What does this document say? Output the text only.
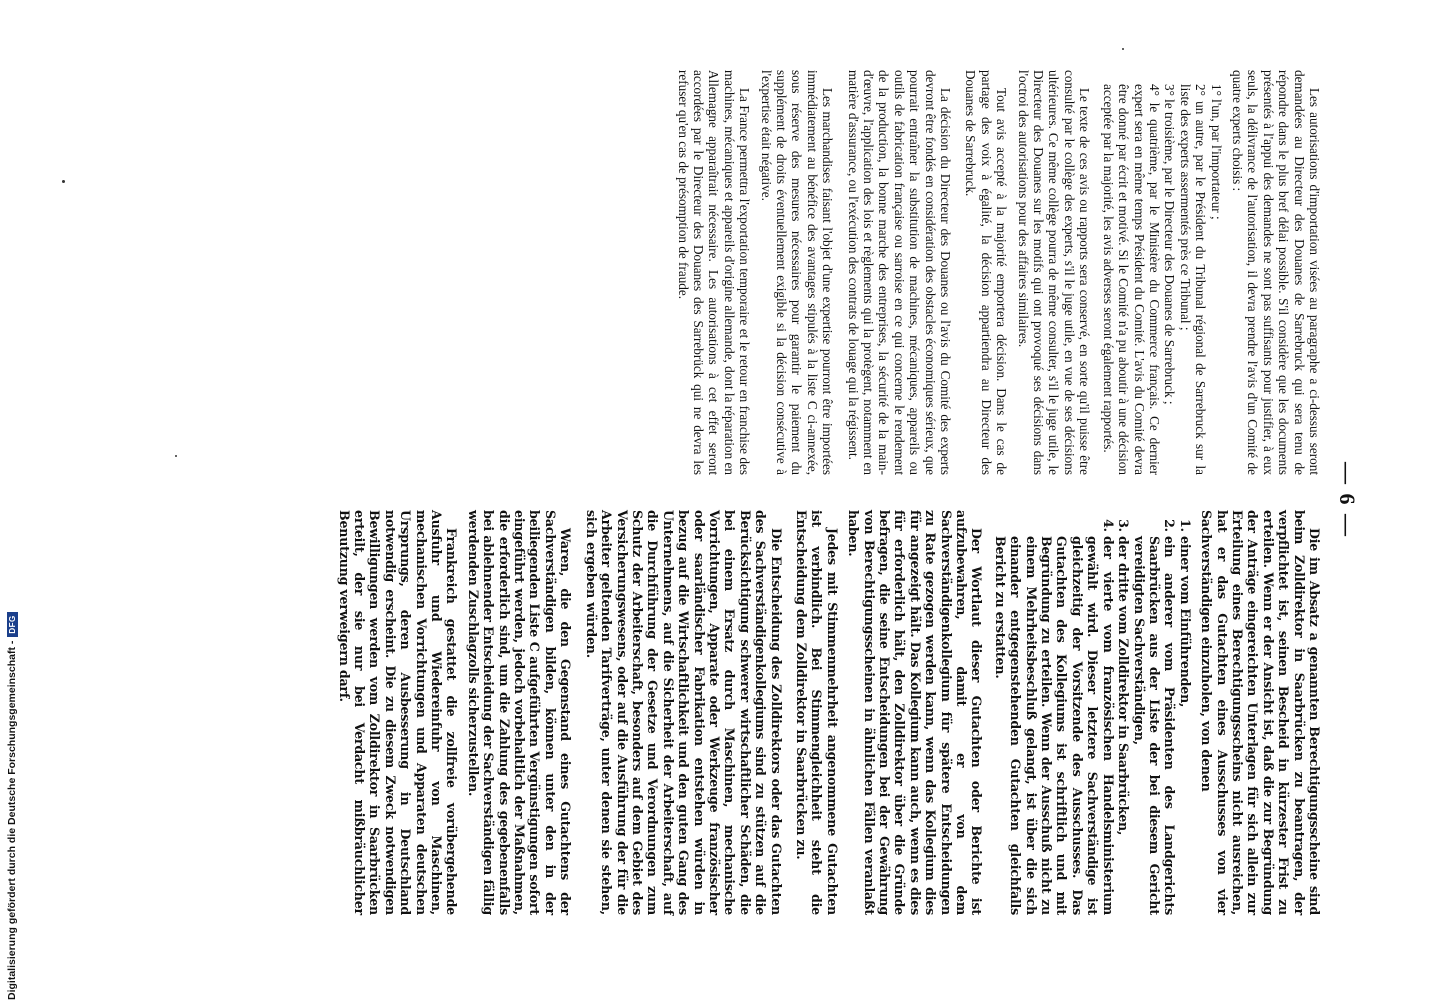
— 6 —

Les autorisations d'importation visées au paragraphe a ci-dessus seront demandées au Directeur des Douanes de Sarrebruck qui sera tenu de répondre dans le plus bref délai possible. S'il considère que les documents présentés à l'appui des demandes ne sont pas suffisants pour justifier, à eux seuls, la délivrance de l'autorisation, il devra prendre l'avis d'un Comité de quatre experts choisis :

1° l'un, par l'importateur ;
2° un autre, par le Président du Tribunal régional de Sarrebruck sur la liste des experts assermentés près ce Tribunal ;
3° le troisième, par le Directeur des Douanes de Sarrebruck ;
4° le quatrième, par le Ministère du Commerce français. Ce dernier expert sera en même temps Président du Comité. L'avis du Comité devra être donné par écrit et motivé. Si le Comité n'a pu aboutir à une décision acceptée par la majorité, les avis adverses seront également rapportés.

Le texte de ces avis ou rapports sera conservé, en sorte qu'il puisse être consulté par le collège des experts, s'il le juge utile, en vue de ses décisions ultérieures. Ce même collège pourra de même consulter, s'il le juge utile, le Directeur des Douanes sur les motifs qui ont provoqué ses décisions dans l'octroi des autorisations pour des affaires similaires.

Tout avis accepté à la majorité emportera décision. Dans le cas de partage des voix à égalité, la décision appartiendra au Directeur des Douanes de Sarrebruck.

La décision du Directeur des Douanes ou l'avis du Comité des experts devront être fondés en considération des obstacles économiques sérieux, que pourrait entraîner la substitution de machines, mécaniques, appareils ou outils de fabrication française ou sarroise en ce qui concerne le rendement de la production, la bonne marche des entreprises, la sécurité de la main-d'œuvre, l'application des lois et règlements qui la protègent, notamment en matière d'assurance, ou l'exécution des contrats de louage qui la régissent.

Les marchandises faisant l'objet d'une expertise pourront être importées immédiatement au bénéfice des avantages stipulés à la liste C ci-annexée, sous réserve des mesures nécessaires pour garantir le paiement du supplément de droits éventuellement exigible si la décision consécutive à l'expertise était négative.

La France permettra l'exportation temporaire et le retour en franchise des machines, mécaniques et appareils d'origine allemande, dont la réparation en Allemagne apparaîtrait nécessaire. Les autorisations à cet effet seront accordées par le Directeur des Douanes des Sarrebrück qui ne devra les refuser qu'en cas de présomption de fraude.

Die im Absatz a genannten Berechtigungsscheine sind beim Zolldirektor in Saarbrücken zu beantragen, der verpflichtet ist, seinen Bescheid in kürzester Frist zu erteilen. Wenn er der Ansicht ist, daß die zur Begründung der Anträge eingereichten Unterlagen für sich allein zur Erteilung eines Berechtigungsscheins nicht ausreichen, hat er das Gutachten eines Ausschusses von vier Sachverständigen einzuholen, von denen

1. einer vom Einführenden,
2. ein anderer vom Präsidenten des Landgerichts Saarbrücken aus der Liste der bei diesem Gericht vereidigten Sachverständigen,
3. der dritte vom Zolldirektor in Saarbrücken,
4. der vierte vom französischen Handelsministerium gewählt wird. Dieser letztere Sachverständige ist gleichzeitig der Vorsitzende des Ausschusses. Das Gutachten des Kollegiums ist schriftlich und mit Begründung zu erteilen. Wenn der Ausschuß nicht zu einem Mehrheitsbeschluß gelangt, ist über die sich einander entgegenstehenden Gutachten gleichfalls Bericht zu erstatten.

Der Wortlaut dieser Gutachten oder Berichte ist aufzubewahren, damit er von dem Sachverständigenkollegium für spätere Entscheidungen zu Rate gezogen werden kann, wenn das Kollegium dies für angezeigt hält. Das Kollegium kann auch, wenn es dies für erforderlich hält, den Zolldirektor über die Gründe befragen, die seine Entscheidungen bei der Gewährung von Berechtigungsscheinen in ähnlichen Fällen veranlaßt haben.

Jedes mit Stimmenmehrheit angenommene Gutachten ist verbindlich. Bei Stimmengleichheit steht die Entscheidung dem Zolldirektor in Saarbrücken zu.

Die Entscheidung des Zolldirektors oder das Gutachten des Sachverständigenkollegiums sind zu stützen auf die Berücksichtigung schwerer wirtschaftlicher Schäden, die bei einem Ersatz durch Maschinen, mechanische Vorrichtungen, Apparate oder Werkzeuge französischer oder saarländischer Fabrikation entstehen würden in bezug auf die Wirtschaftlichkeit und den guten Gang des Unternehmens, auf die Sicherheit der Arbeiterschaft, auf die Durchführung der Gesetze und Verordnungen zum Schutz der Arbeiterschaft, besonders auf dem Gebiet des Versicherungswesens, oder auf die Ausführung der für die Arbeiter geltenden Tarifverträge, unter denen sie stehen, sich ergeben würden.

Waren, die den Gegenstand eines Gutachtens der Sachverständigen bilden, können unter den in der beiliegenden Liste C aufgeführten Vergünstigungen sofort eingeführt werden, jedoch vorbehaltlich der Maßnahmen, die erforderlich sind, um die Zahlung des gegebenenfalls bei ablehnender Entscheidung der Sachverständigen fällig werdenden Zuschlagzolls sicherzustellen.

Frankreich gestattet die zollfreie vorübergehende Ausfuhr und Wiedereinfuhr von Maschinen, mechanischen Vorrichtungen und Apparaten deutschen Ursprungs, deren Ausbesserung in Deutschland notwendig erscheint. Die zu diesem Zweck notwendigen Bewilligungen werden vom Zolldirektor in Saarbrücken erteilt, der sie nur bei Verdacht mißbräuchlicher Benutzung verweigern darf.

Digitalisierung gefördert durch die Deutsche Forschungsgemeinschaft -
DFG
